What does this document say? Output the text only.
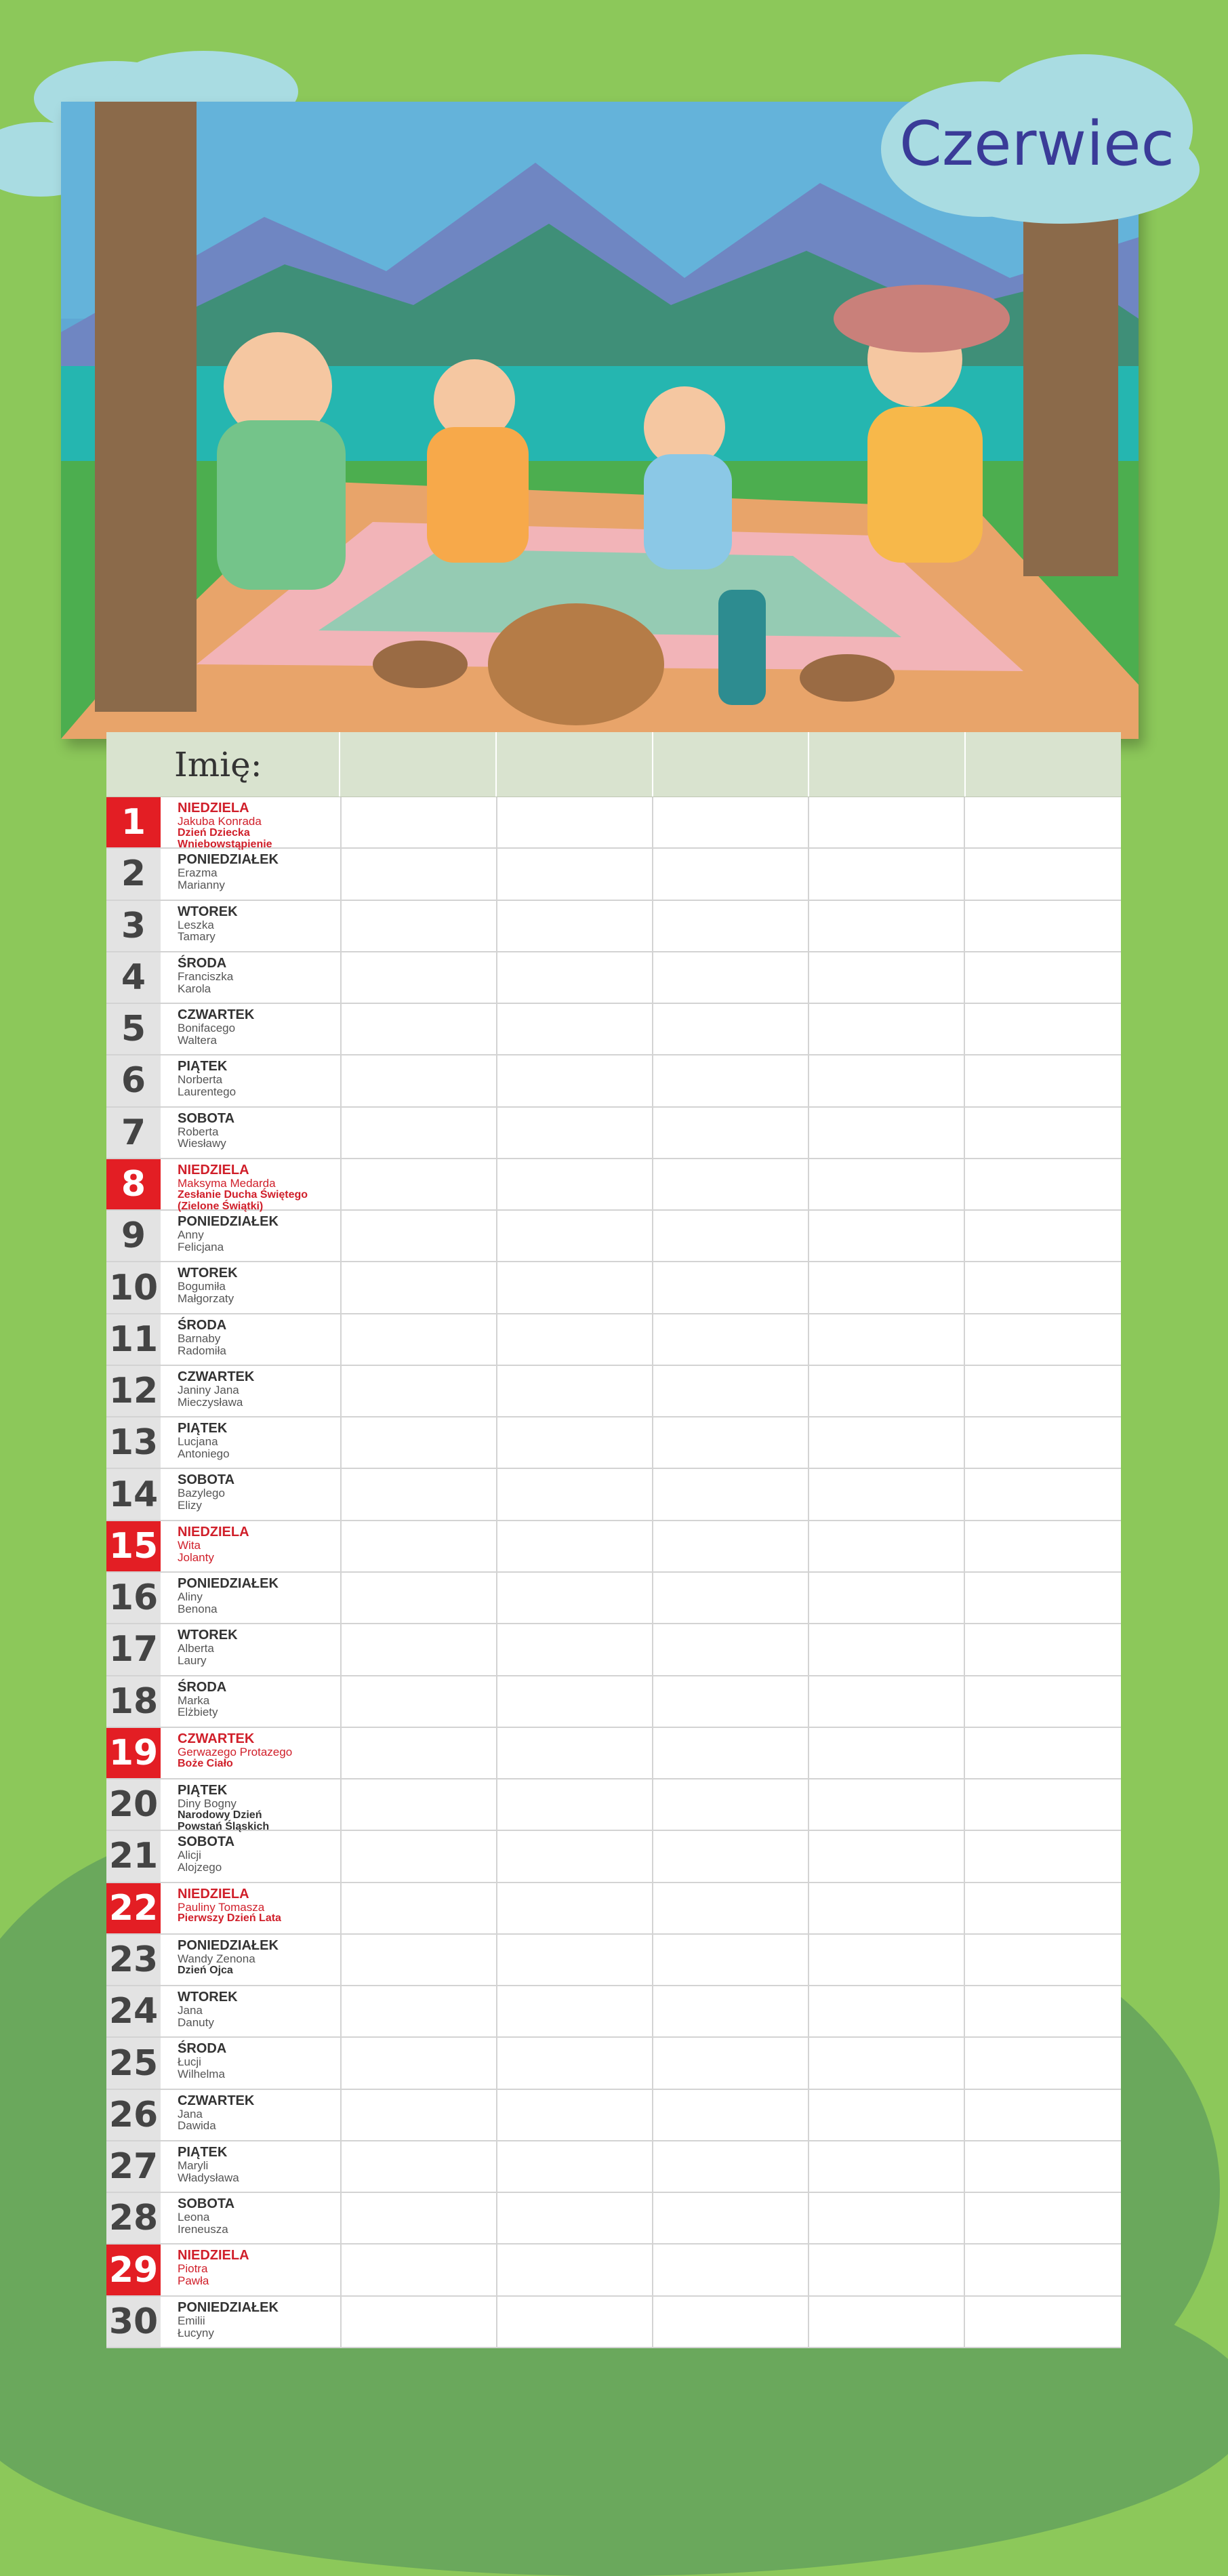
Czerwiec
Imię:
1	NIEDZIELA
Jakuba Konrada
Dzień Dziecka
Wniebowstąpienie
2	PONIEDZIAŁEK
Erazma
Marianny
3	WTOREK
Leszka
Tamary
4	ŚRODA
Franciszka
Karola
5	CZWARTEK
Bonifacego
Waltera
6	PIĄTEK
Norberta
Laurentego
7	SOBOTA
Roberta
Wiesławy
8	NIEDZIELA
Maksyma Medarda
Zesłanie Ducha Świętego
(Zielone Świątki)
9	PONIEDZIAŁEK
Anny
Felicjana
10 WTOREK
Bogumiła
Małgorzaty
11 ŚRODA
Barnaby
Radomiła
12 CZWARTEK
Janiny Jana
Mieczysława
13 PIĄTEK
Lucjana
Antoniego
14 SOBOTA
Bazylego
Elizy
15 NIEDZIELA
Wita
Jolanty
16 PONIEDZIAŁEK
Aliny
Benona
17 WTOREK
Alberta
Laury
18 ŚRODA
Marka
Elżbiety
19 CZWARTEK
Gerwazego Protazego
Boże Ciało
20 PIĄTEK
Diny Bogny
Narodowy Dzień
Powstań Śląskich
21 SOBOTA
Alicji
Alojzego
22 NIEDZIELA
Pauliny Tomasza
Pierwszy Dzień Lata
23 PONIEDZIAŁEK
Wandy Zenona
Dzień Ojca
24 WTOREK
Jana
Danuty
25 ŚRODA
Łucji
Wilhelma
26 CZWARTEK
Jana
Dawida
27 PIĄTEK
Maryli
Władysława
28 SOBOTA
Leona
Ireneusza
29 NIEDZIELA
Piotra
Pawła
30 PONIEDZIAŁEK
Emilii
Łucyny
